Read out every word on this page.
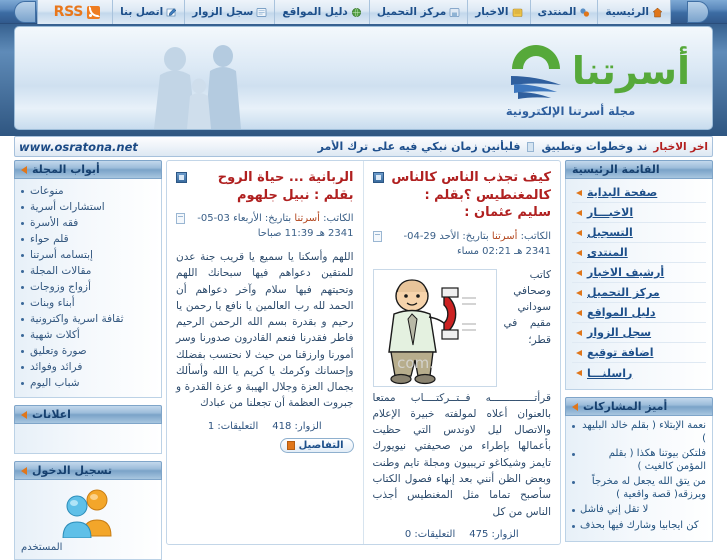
الرئيسية
المنتدى
الاخبار
مركز التحميل
دليل المواقع
سجل الزوار
اتصل بنا
RSS
أسرتنا
مجلة أسرتنا الإلكترونية
اخر الاخبار
ند وخطوات وتطبيق
فلبأنين زمان نبكي فيه على ترك الأمر
www.osratona.net
القائمة الرئيسية
صفحة البداية
الاخبـــار
التسجيل
المنتدى
أرشيف الاخبار
مركز التحميل
دليل المواقع
سجل الزوار
اضافة توقيع
راسلنـــا
أميز المشاركات
نعمة الإبتلاء ( بقلم خالد البليهد )
فلتكن بيوتنا هكذا ( بقلم المؤمن كالغيث )
من يتق الله يجعل له مخرجاً ويرزقه( قصة واقعية )
لا تقل إني فاشل
كن ايجابيا وشارك فيها بحذف
كيف تجذب الناس كالناس كالمغنطيس ؟بقلم : سليم عثمان :
الكاتب: أسرتنا بتاريخ: الأحد 29-04-2341 هـ 02:21 مساء
.com
كاتب وصحافي سوداني مقيم في قطر؛ قرأتــــــــــــــه فــتــركتــــاب ممتعا بالعنوان أعلاه لمولفته خبيرة الإعلام والاتصال ليل لاوندس التي حظيت بأعمالها بإطراء من صحيفتي نيويورك تايمز وشيكاغو تريبيون ومجلة تايم وطنت وبعض الظن أنني بعد إنهاء فصول الكتاب سأصبح تماما مثل المغنطيس أجذب الناس من كل
الزوار: 475
التعليقات: 0
الربانية ... حياة الروح بقلم : نبيل جلهوم
الكاتب: أسرتنا بتاريخ: الأربعاء 03-05-2341 هـ 11:39 صباحا
اللهم وأسكنا يا سميع يا قريب جنة عدن للمتقين دعواهم فيها سبحانك اللهم وتحيتهم فيها سلام وآخر دعواهم أن الحمد لله رب العالمين يا نافع يا رحمن يا رحيم و بقدرة بسم الله الرحمن الرحيم فاطر فقدرنا فنعم القادرون صدورنا وسر أمورنا وارزقنا من حيث لا نحتسب بفضلك وإحسانك وكرمك يا كريم يا الله وأسألك بجمال العزة وجلال الهيبة و عزة القدرة و جبروت العظمة أن تجعلنا من عبادك
الزوار: 418
التعليقات: 1
التفاصيل
أبواب المجلة
منوعات
استشارات أسرية
فقه الأسرة
قلم حواء
إبتسامه أسرتنا
مقالات المجلة
أزواج وزوجات
أبناء وبنات
ثقافة اسرية واكترونية
أكلات شهية
صورة وتعليق
فرائد وفوائد
شباب اليوم
اعلانات
تسجيل الدخول
المستخدم
